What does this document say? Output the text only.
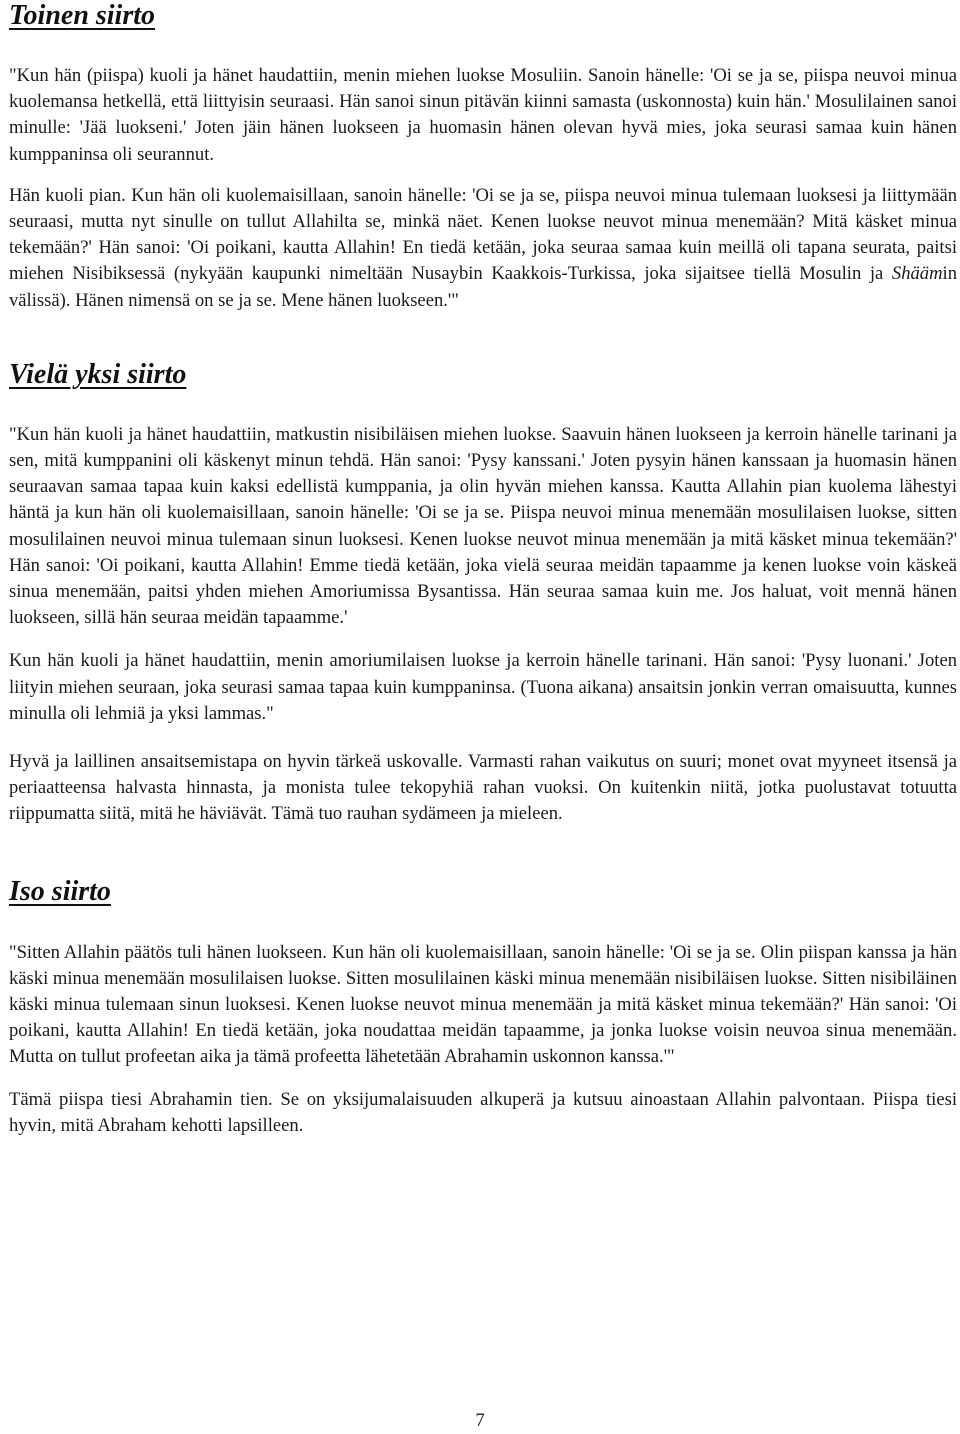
Toinen siirto

"Kun hän (piispa) kuoli ja hänet haudattiin, menin miehen luokse Mosuliin. Sanoin hänelle: 'Oi se ja se, piispa neuvoi minua kuolemansa hetkellä, että liittyisin seuraasi. Hän sanoi sinun pitävän kiinni samasta (uskonnosta) kuin hän.' Mosulilainen sanoi minulle: 'Jää luokseni.' Joten jäin hänen luokseen ja huomasin hänen olevan hyvä mies, joka seurasi samaa kuin hänen kumppaninsa oli seurannut.

Hän kuoli pian. Kun hän oli kuolemaisillaan, sanoin hänelle: 'Oi se ja se, piispa neuvoi minua tulemaan luoksesi ja liittymään seuraasi, mutta nyt sinulle on tullut Allahilta se, minkä näet. Kenen luokse neuvot minua menemään? Mitä käsket minua tekemään?' Hän sanoi: 'Oi poikani, kautta Allahin! En tiedä ketään, joka seuraa samaa kuin meillä oli tapana seurata, paitsi miehen Nisibiksessä (nykyään kaupunki nimeltään Nusaybin Kaakkois-Turkissa, joka sijaitsee tiellä Mosulin ja Shäämin välissä). Hänen nimensä on se ja se. Mene hänen luokseen.'"

Vielä yksi siirto

"Kun hän kuoli ja hänet haudattiin, matkustin nisibiläisen miehen luokse. Saavuin hänen luokseen ja kerroin hänelle tarinani ja sen, mitä kumppanini oli käskenyt minun tehdä. Hän sanoi: 'Pysy kanssani.' Joten pysyin hänen kanssaan ja huomasin hänen seuraavan samaa tapaa kuin kaksi edellistä kumppania, ja olin hyvän miehen kanssa. Kautta Allahin pian kuolema lähestyi häntä ja kun hän oli kuolemaisillaan, sanoin hänelle: 'Oi se ja se. Piispa neuvoi minua menemään mosulilaisen luokse, sitten mosulilainen neuvoi minua tulemaan sinun luoksesi. Kenen luokse neuvot minua menemään ja mitä käsket minua tekemään?' Hän sanoi: 'Oi poikani, kautta Allahin! Emme tiedä ketään, joka vielä seuraa meidän tapaamme ja kenen luokse voin käskeä sinua menemään, paitsi yhden miehen Amoriumissa Bysantissa. Hän seuraa samaa kuin me. Jos haluat, voit mennä hänen luokseen, sillä hän seuraa meidän tapaamme.'

Kun hän kuoli ja hänet haudattiin, menin amoriumilaisen luokse ja kerroin hänelle tarinani. Hän sanoi: 'Pysy luonani.' Joten liityin miehen seuraan, joka seurasi samaa tapaa kuin kumppaninsa. (Tuona aikana) ansaitsin jonkin verran omaisuutta, kunnes minulla oli lehmiä ja yksi lammas."

Hyvä ja laillinen ansaitsemistapa on hyvin tärkeä uskovalle. Varmasti rahan vaikutus on suuri; monet ovat myyneet itsensä ja periaatteensa halvasta hinnasta, ja monista tulee tekopyhiä rahan vuoksi. On kuitenkin niitä, jotka puolustavat totuutta riippumatta siitä, mitä he häviävät. Tämä tuo rauhan sydämeen ja mieleen.

Iso siirto

"Sitten Allahin päätös tuli hänen luokseen. Kun hän oli kuolemaisillaan, sanoin hänelle: 'Oi se ja se. Olin piispan kanssa ja hän käski minua menemään mosulilaisen luokse. Sitten mosulilainen käski minua menemään nisibiläisen luokse. Sitten nisibiläinen käski minua tulemaan sinun luoksesi. Kenen luokse neuvot minua menemään ja mitä käsket minua tekemään?' Hän sanoi: 'Oi poikani, kautta Allahin! En tiedä ketään, joka noudattaa meidän tapaamme, ja jonka luokse voisin neuvoa sinua menemään. Mutta on tullut profeetan aika ja tämä profeetta lähetetään Abrahamin uskonnon kanssa.'"

Tämä piispa tiesi Abrahamin tien. Se on yksijumalaisuuden alkuperä ja kutsuu ainoastaan Allahin palvontaan. Piispa tiesi hyvin, mitä Abraham kehotti lapsilleen.

7
